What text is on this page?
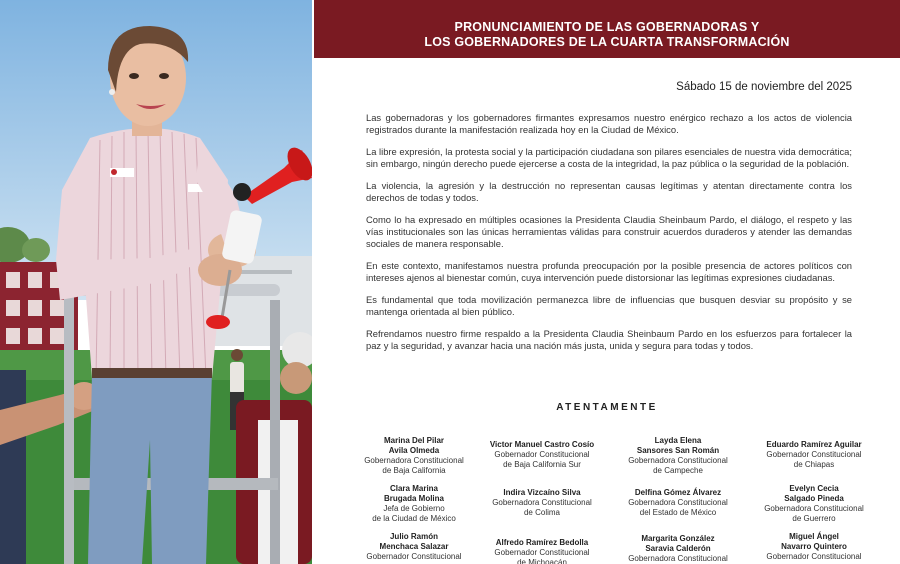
PRONUNCIAMIENTO DE LAS GOBERNADORAS Y
LOS GOBERNADORES DE LA CUARTA TRANSFORMACIÓN
Sábado 15 de noviembre del 2025

Las gobernadoras y los gobernadores firmantes expresamos nuestro enérgico rechazo a los actos de violencia registrados durante la manifestación realizada hoy en la Ciudad de México.

La libre expresión, la protesta social y la participación ciudadana son pilares esenciales de nuestra vida democrática; sin embargo, ningún derecho puede ejercerse a costa de la integridad, la paz pública o la seguridad de la población.

La violencia, la agresión y la destrucción no representan causas legítimas y atentan directamente contra los derechos de todas y todos.

Como lo ha expresado en múltiples ocasiones la Presidenta Claudia Sheinbaum Pardo, el diálogo, el respeto y las vías institucionales son las únicas herramientas válidas para construir acuerdos duraderos y atender las demandas sociales de manera responsable.

En este contexto, manifestamos nuestra profunda preocupación por la posible presencia de actores políticos con intereses ajenos al bienestar común, cuya intervención puede distorsionar las legítimas expresiones ciudadanas.

Es fundamental que toda movilización permanezca libre de influencias que busquen desviar su propósito y se mantenga orientada al bien público.

Refrendamos nuestro firme respaldo a la Presidenta Claudia Sheinbaum Pardo en los esfuerzos para fortalecer la paz y la seguridad, y avanzar hacia una nación más justa, unida y segura para todas y todos.

ATENTAMENTE
Marina Del Pilar
Avila Olmeda
Gobernadora Constitucional
de Baja California
Victor Manuel Castro Cosío
Gobernador Constitucional
de Baja California Sur
Layda Elena
Sansores San Román
Gobernadora Constitucional
de Campeche
Eduardo Ramírez Aguilar
Gobernador Constitucional
de Chiapas
Clara Marina
Brugada Molina
Jefa de Gobierno
de la Ciudad de México
Indira Vizcaíno Silva
Gobernadora Constitucional
de Colima
Delfina Gómez Álvarez
Gobernadora Constitucional
del Estado de México
Evelyn Cecia
Salgado Pineda
Gobernadora Constitucional
de Guerrero
Julio Ramón
Menchaca Salazar
Gobernador Constitucional
Alfredo Ramírez Bedolla
Gobernador Constitucional
de Michoacán
Margarita González
Saravia Calderón
Gobernadora Constitucional
Miguel Ángel
Navarro Quintero
Gobernador Constitucional
